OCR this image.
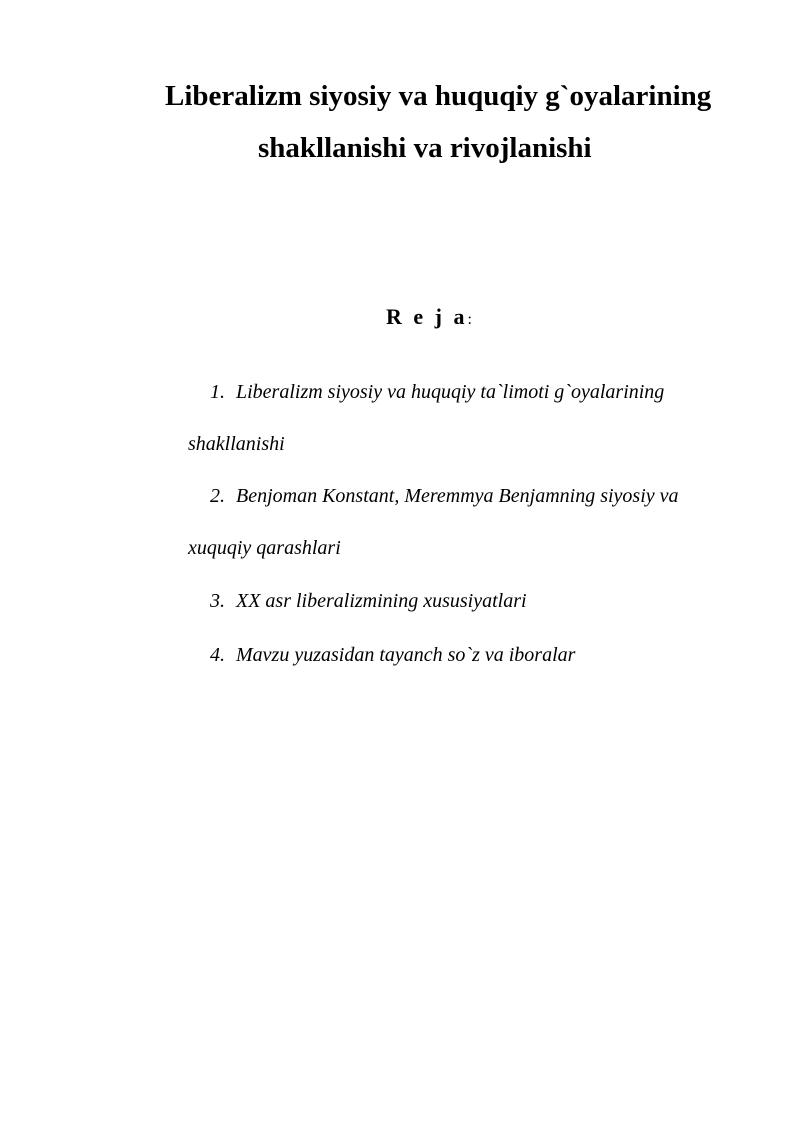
Liberalizm siyosiy va huquqiy g`oyalarining
shakllanishi va rivojlanishi
R e j a:
1. Liberalizm siyosiy va huquqiy ta`limoti g`oyalarining
shakllanishi
2. Benjoman Konstant, Meremmya Benjamning siyosiy va
xuquqiy qarashlari
3. XX asr liberalizmining xususiyatlari
4. Mavzu yuzasidan tayanch so`z va iboralar
